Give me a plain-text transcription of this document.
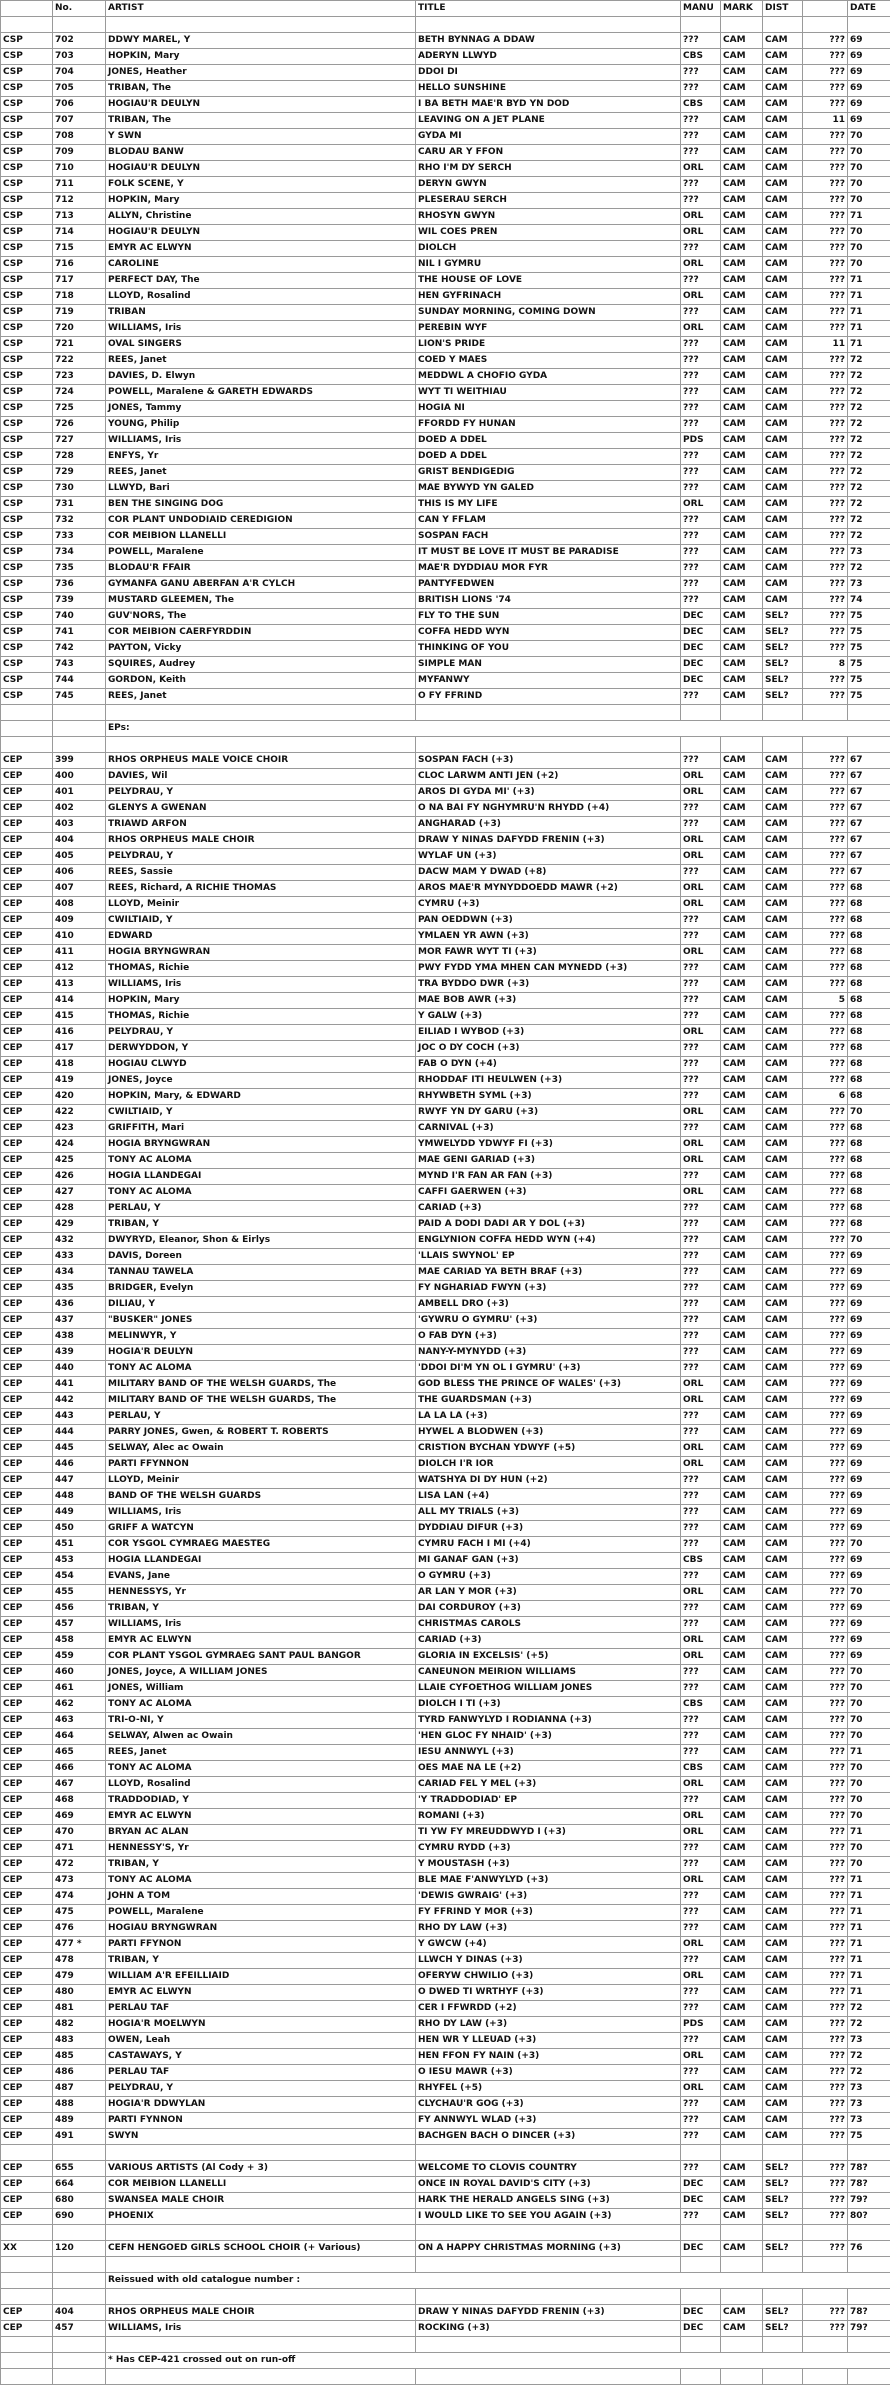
	No.	ARTIST	TITLE	MANU	MARK	DIST		DATE

CSP	702	DDWY MAREL, Y	BETH BYNNAG A DDAW	???	CAM	CAM	???	69
CSP	703	HOPKIN, Mary	ADERYN LLWYD	CBS	CAM	CAM	???	69
CSP	704	JONES, Heather	DDOI DI	???	CAM	CAM	???	69
CSP	705	TRIBAN, The	HELLO SUNSHINE	???	CAM	CAM	???	69
CSP	706	HOGIAU'R DEULYN	I BA BETH MAE'R BYD YN DOD	CBS	CAM	CAM	???	69
CSP	707	TRIBAN, The	LEAVING ON A JET PLANE	???	CAM	CAM	11	69
CSP	708	Y SWN	GYDA MI	???	CAM	CAM	???	70
CSP	709	BLODAU BANW	CARU AR Y FFON	???	CAM	CAM	???	70
CSP	710	HOGIAU'R DEULYN	RHO I'M DY SERCH	ORL	CAM	CAM	???	70
CSP	711	FOLK SCENE, Y	DERYN GWYN	???	CAM	CAM	???	70
CSP	712	HOPKIN, Mary	PLESERAU SERCH	???	CAM	CAM	???	70
CSP	713	ALLYN, Christine	RHOSYN GWYN	ORL	CAM	CAM	???	71
CSP	714	HOGIAU'R DEULYN	WIL COES PREN	ORL	CAM	CAM	???	70
CSP	715	EMYR AC ELWYN	DIOLCH	???	CAM	CAM	???	70
CSP	716	CAROLINE	NIL I GYMRU	ORL	CAM	CAM	???	70
CSP	717	PERFECT DAY, The	THE HOUSE OF LOVE	???	CAM	CAM	???	71
CSP	718	LLOYD, Rosalind	HEN GYFRINACH	ORL	CAM	CAM	???	71
CSP	719	TRIBAN	SUNDAY MORNING, COMING DOWN	???	CAM	CAM	???	71
CSP	720	WILLIAMS, Iris	PEREBIN WYF	ORL	CAM	CAM	???	71
CSP	721	OVAL SINGERS	LION'S PRIDE	???	CAM	CAM	11	71
CSP	722	REES, Janet	COED Y MAES	???	CAM	CAM	???	72
CSP	723	DAVIES, D. Elwyn	MEDDWL A CHOFIO GYDA	???	CAM	CAM	???	72
CSP	724	POWELL, Maralene & GARETH EDWARDS	WYT TI WEITHIAU	???	CAM	CAM	???	72
CSP	725	JONES, Tammy	HOGIA NI	???	CAM	CAM	???	72
CSP	726	YOUNG, Philip	FFORDD FY HUNAN	???	CAM	CAM	???	72
CSP	727	WILLIAMS, Iris	DOED A DDEL	PDS	CAM	CAM	???	72
CSP	728	ENFYS, Yr	DOED A DDEL	???	CAM	CAM	???	72
CSP	729	REES, Janet	GRIST BENDIGEDIG	???	CAM	CAM	???	72
CSP	730	LLWYD, Bari	MAE BYWYD YN GALED	???	CAM	CAM	???	72
CSP	731	BEN THE SINGING DOG	THIS IS MY LIFE	ORL	CAM	CAM	???	72
CSP	732	COR PLANT UNDODIAID CEREDIGION	CAN Y FFLAM	???	CAM	CAM	???	72
CSP	733	COR MEIBION LLANELLI	SOSPAN FACH	???	CAM	CAM	???	72
CSP	734	POWELL, Maralene	IT MUST BE LOVE IT MUST BE PARADISE	???	CAM	CAM	???	73
CSP	735	BLODAU'R FFAIR	MAE'R DYDDIAU MOR FYR	???	CAM	CAM	???	72
CSP	736	GYMANFA GANU ABERFAN A'R CYLCH	PANTYFEDWEN	???	CAM	CAM	???	73
CSP	739	MUSTARD GLEEMEN, The	BRITISH LIONS '74	???	CAM	CAM	???	74
CSP	740	GUV'NORS, The	FLY TO THE SUN	DEC	CAM	SEL?	???	75
CSP	741	COR MEIBION CAERFYRDDIN	COFFA HEDD WYN	DEC	CAM	SEL?	???	75
CSP	742	PAYTON, Vicky	THINKING OF YOU	DEC	CAM	SEL?	???	75
CSP	743	SQUIRES, Audrey	SIMPLE MAN	DEC	CAM	SEL?	8	75
CSP	744	GORDON, Keith	MYFANWY	DEC	CAM	SEL?	???	75
CSP	745	REES, Janet	O FY FFRIND	???	CAM	SEL?	???	75

		EPs:						

CEP	399	RHOS ORPHEUS MALE VOICE CHOIR	SOSPAN FACH (+3)	???	CAM	CAM	???	67
CEP	400	DAVIES, Wil	CLOC LARWM ANTI JEN (+2)	ORL	CAM	CAM	???	67
CEP	401	PELYDRAU, Y	AROS DI GYDA MI' (+3)	ORL	CAM	CAM	???	67
CEP	402	GLENYS A GWENAN	O NA BAI FY NGHYMRU'N RHYDD (+4)	???	CAM	CAM	???	67
CEP	403	TRIAWD ARFON	ANGHARAD (+3)	???	CAM	CAM	???	67
CEP	404	RHOS ORPHEUS MALE CHOIR	DRAW Y NINAS DAFYDD FRENIN (+3)	ORL	CAM	CAM	???	67
CEP	405	PELYDRAU, Y	WYLAF UN (+3)	ORL	CAM	CAM	???	67
CEP	406	REES, Sassie	DACW MAM Y DWAD (+8)	???	CAM	CAM	???	67
CEP	407	REES, Richard, A RICHIE THOMAS	AROS MAE'R MYNYDDOEDD MAWR (+2)	ORL	CAM	CAM	???	68
CEP	408	LLOYD, Meinir	CYMRU (+3)	ORL	CAM	CAM	???	68
CEP	409	CWILTIAID, Y	PAN OEDDWN (+3)	???	CAM	CAM	???	68
CEP	410	EDWARD	YMLAEN YR AWN (+3)	???	CAM	CAM	???	68
CEP	411	HOGIA BRYNGWRAN	MOR FAWR WYT TI (+3)	ORL	CAM	CAM	???	68
CEP	412	THOMAS, Richie	PWY FYDD YMA MHEN CAN MYNEDD (+3)	???	CAM	CAM	???	68
CEP	413	WILLIAMS, Iris	TRA BYDDO DWR (+3)	???	CAM	CAM	???	68
CEP	414	HOPKIN, Mary	MAE BOB AWR (+3)	???	CAM	CAM	5	68
CEP	415	THOMAS, Richie	Y GALW (+3)	???	CAM	CAM	???	68
CEP	416	PELYDRAU, Y	EILIAD I WYBOD (+3)	ORL	CAM	CAM	???	68
CEP	417	DERWYDDON, Y	JOC O DY COCH (+3)	???	CAM	CAM	???	68
CEP	418	HOGIAU CLWYD	FAB O DYN (+4)	???	CAM	CAM	???	68
CEP	419	JONES, Joyce	RHODDAF ITI HEULWEN (+3)	???	CAM	CAM	???	68
CEP	420	HOPKIN, Mary, & EDWARD	RHYWBETH SYML (+3)	???	CAM	CAM	6	68
CEP	422	CWILTIAID, Y	RWYF YN DY GARU (+3)	ORL	CAM	CAM	???	70
CEP	423	GRIFFITH, Mari	CARNIVAL (+3)	???	CAM	CAM	???	68
CEP	424	HOGIA BRYNGWRAN	YMWELYDD YDWYF FI (+3)	ORL	CAM	CAM	???	68
CEP	425	TONY AC ALOMA	MAE GENI GARIAD (+3)	ORL	CAM	CAM	???	68
CEP	426	HOGIA LLANDEGAI	MYND I'R FAN AR FAN (+3)	???	CAM	CAM	???	68
CEP	427	TONY AC ALOMA	CAFFI GAERWEN (+3)	ORL	CAM	CAM	???	68
CEP	428	PERLAU, Y	CARIAD (+3)	???	CAM	CAM	???	68
CEP	429	TRIBAN, Y	PAID A DODI DADI AR Y DOL (+3)	???	CAM	CAM	???	68
CEP	432	DWYRYD, Eleanor, Shon & Eirlys	ENGLYNION COFFA HEDD WYN (+4)	???	CAM	CAM	???	70
CEP	433	DAVIS, Doreen	'LLAIS SWYNOL' EP	???	CAM	CAM	???	69
CEP	434	TANNAU TAWELA	MAE CARIAD YA BETH BRAF (+3)	???	CAM	CAM	???	69
CEP	435	BRIDGER, Evelyn	FY NGHARIAD FWYN (+3)	???	CAM	CAM	???	69
CEP	436	DILIAU, Y	AMBELL DRO (+3)	???	CAM	CAM	???	69
CEP	437	"BUSKER" JONES	'GYWRU O GYMRU' (+3)	???	CAM	CAM	???	69
CEP	438	MELINWYR, Y	O FAB DYN (+3)	???	CAM	CAM	???	69
CEP	439	HOGIA'R DEULYN	NANY-Y-MYNYDD (+3)	???	CAM	CAM	???	69
CEP	440	TONY AC ALOMA	'DDOI DI'M YN OL I GYMRU' (+3)	???	CAM	CAM	???	69
CEP	441	MILITARY BAND OF THE WELSH GUARDS, The	GOD BLESS THE PRINCE OF WALES' (+3)	ORL	CAM	CAM	???	69
CEP	442	MILITARY BAND OF THE WELSH GUARDS, The	THE GUARDSMAN (+3)	ORL	CAM	CAM	???	69
CEP	443	PERLAU, Y	LA LA LA (+3)	???	CAM	CAM	???	69
CEP	444	PARRY JONES, Gwen, & ROBERT T. ROBERTS	HYWEL A BLODWEN (+3)	???	CAM	CAM	???	69
CEP	445	SELWAY, Alec ac Owain	CRISTION BYCHAN YDWYF (+5)	ORL	CAM	CAM	???	69
CEP	446	PARTI FFYNNON	DIOLCH I'R IOR	ORL	CAM	CAM	???	69
CEP	447	LLOYD, Meinir	WATSHYA DI DY HUN (+2)	???	CAM	CAM	???	69
CEP	448	BAND OF THE WELSH GUARDS	LISA LAN (+4)	???	CAM	CAM	???	69
CEP	449	WILLIAMS, Iris	ALL MY TRIALS (+3)	???	CAM	CAM	???	69
CEP	450	GRIFF A WATCYN	DYDDIAU DIFUR (+3)	???	CAM	CAM	???	69
CEP	451	COR YSGOL CYMRAEG MAESTEG	CYMRU FACH I MI (+4)	???	CAM	CAM	???	70
CEP	453	HOGIA LLANDEGAI	MI GANAF GAN (+3)	CBS	CAM	CAM	???	69
CEP	454	EVANS, Jane	O GYMRU (+3)	???	CAM	CAM	???	69
CEP	455	HENNESSYS, Yr	AR LAN Y MOR (+3)	ORL	CAM	CAM	???	70
CEP	456	TRIBAN, Y	DAI CORDUROY (+3)	???	CAM	CAM	???	69
CEP	457	WILLIAMS, Iris	CHRISTMAS CAROLS	???	CAM	CAM	???	69
CEP	458	EMYR AC ELWYN	CARIAD (+3)	ORL	CAM	CAM	???	69
CEP	459	COR PLANT YSGOL GYMRAEG SANT PAUL BANGOR	GLORIA IN EXCELSIS' (+5)	ORL	CAM	CAM	???	69
CEP	460	JONES, Joyce, A WILLIAM JONES	CANEUNON MEIRION WILLIAMS	???	CAM	CAM	???	70
CEP	461	JONES, William	LLAIE CYFOETHOG WILLIAM JONES	???	CAM	CAM	???	70
CEP	462	TONY AC ALOMA	DIOLCH I TI (+3)	CBS	CAM	CAM	???	70
CEP	463	TRI-O-NI, Y	TYRD FANWYLYD I RODIANNA (+3)	???	CAM	CAM	???	70
CEP	464	SELWAY, Alwen ac Owain	'HEN GLOC FY NHAID' (+3)	???	CAM	CAM	???	70
CEP	465	REES, Janet	IESU ANNWYL (+3)	???	CAM	CAM	???	71
CEP	466	TONY AC ALOMA	OES MAE NA LE (+2)	CBS	CAM	CAM	???	70
CEP	467	LLOYD, Rosalind	CARIAD FEL Y MEL (+3)	ORL	CAM	CAM	???	70
CEP	468	TRADDODIAD, Y	'Y TRADDODIAD' EP	???	CAM	CAM	???	70
CEP	469	EMYR AC ELWYN	ROMANI (+3)	ORL	CAM	CAM	???	70
CEP	470	BRYAN AC ALAN	TI YW FY MREUDDWYD I (+3)	ORL	CAM	CAM	???	71
CEP	471	HENNESSY'S, Yr	CYMRU RYDD (+3)	???	CAM	CAM	???	70
CEP	472	TRIBAN, Y	Y MOUSTASH (+3)	???	CAM	CAM	???	70
CEP	473	TONY AC ALOMA	BLE MAE F'ANWYLYD (+3)	ORL	CAM	CAM	???	71
CEP	474	JOHN A TOM	'DEWIS GWRAIG' (+3)	???	CAM	CAM	???	71
CEP	475	POWELL, Maralene	FY FFRIND Y MOR (+3)	???	CAM	CAM	???	71
CEP	476	HOGIAU BRYNGWRAN	RHO DY LAW (+3)	???	CAM	CAM	???	71
CEP	477 *	PARTI FFYNON	Y GWCW (+4)	ORL	CAM	CAM	???	71
CEP	478	TRIBAN, Y	LLWCH Y DINAS (+3)	???	CAM	CAM	???	71
CEP	479	WILLIAM A'R EFEILLIAID	OFERYW CHWILIO (+3)	ORL	CAM	CAM	???	71
CEP	480	EMYR AC ELWYN	O DWED TI WRTHYF (+3)	???	CAM	CAM	???	71
CEP	481	PERLAU TAF	CER I FFWRDD (+2)	???	CAM	CAM	???	72
CEP	482	HOGIA'R MOELWYN	RHO DY LAW (+3)	PDS	CAM	CAM	???	72
CEP	483	OWEN, Leah	HEN WR Y LLEUAD (+3)	???	CAM	CAM	???	73
CEP	485	CASTAWAYS, Y	HEN FFON FY NAIN (+3)	ORL	CAM	CAM	???	72
CEP	486	PERLAU TAF	O IESU MAWR (+3)	???	CAM	CAM	???	72
CEP	487	PELYDRAU, Y	RHYFEL (+5)	ORL	CAM	CAM	???	73
CEP	488	HOGIA'R DDWYLAN	CLYCHAU'R GOG (+3)	???	CAM	CAM	???	73
CEP	489	PARTI FYNNON	FY ANNWYL WLAD (+3)	???	CAM	CAM	???	73
CEP	491	SWYN	BACHGEN BACH O DINCER (+3)	???	CAM	CAM	???	75

CEP	655	VARIOUS ARTISTS (Al Cody + 3)	WELCOME TO CLOVIS COUNTRY	???	CAM	SEL?	???	78?
CEP	664	COR MEIBION LLANELLI	ONCE IN ROYAL DAVID'S CITY (+3)	DEC	CAM	SEL?	???	78?
CEP	680	SWANSEA MALE CHOIR	HARK THE HERALD ANGELS SING (+3)	DEC	CAM	SEL?	???	79?
CEP	690	PHOENIX	I WOULD LIKE TO SEE YOU AGAIN (+3)	???	CAM	SEL?	???	80?

XX	120	CEFN HENGOED GIRLS SCHOOL CHOIR (+ Various)	ON A HAPPY CHRISTMAS MORNING (+3)	DEC	CAM	SEL?	???	76

		Reissued with old catalogue number :						

CEP	404	RHOS ORPHEUS MALE CHOIR	DRAW Y NINAS DAFYDD FRENIN (+3)	DEC	CAM	SEL?	???	78?
CEP	457	WILLIAMS, Iris	ROCKING (+3)	DEC	CAM	SEL?	???	79?

		* Has CEP-421 crossed out on run-off						
